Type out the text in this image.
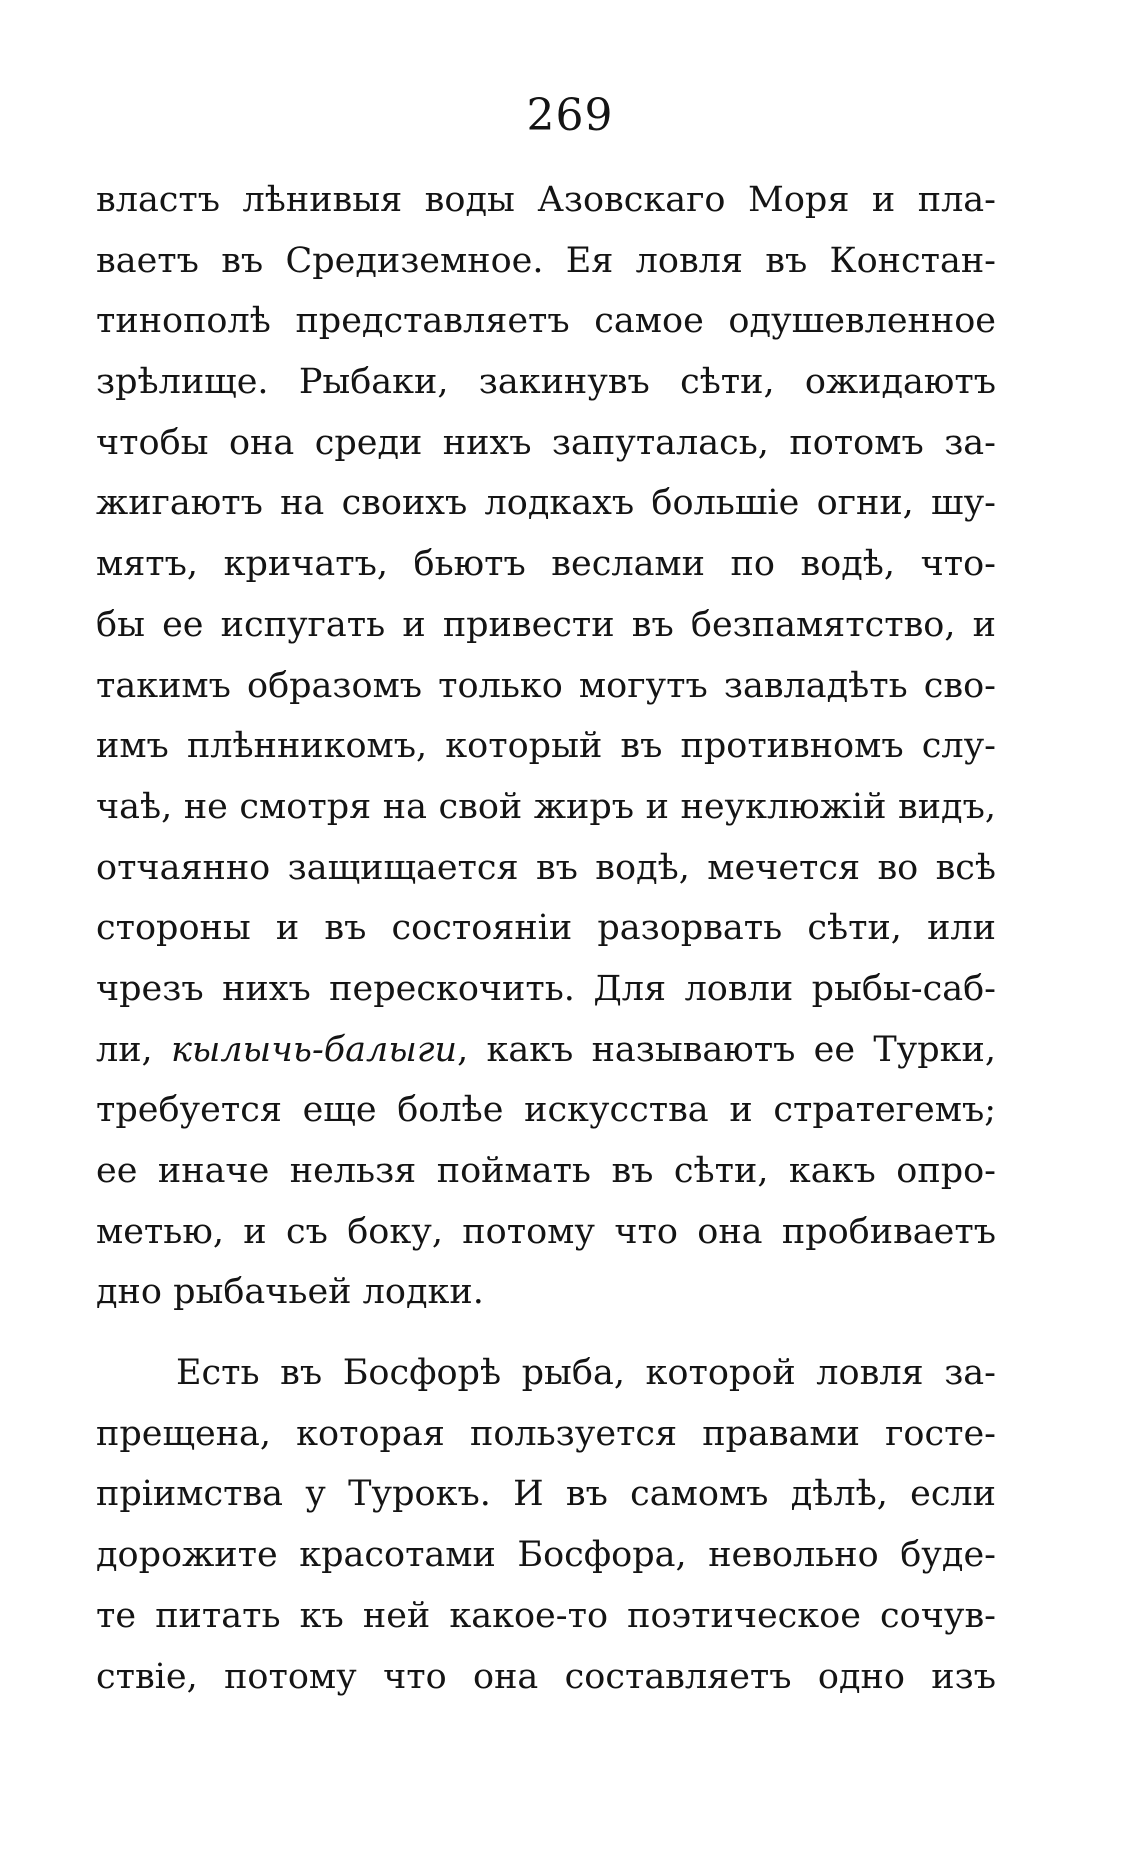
269
властъ лѣнивыя воды Азовскаго Моря и пла-
ваетъ въ Средиземное. Ея ловля въ Констан-
тинополѣ представляетъ самое одушевленное
зрѣлище. Рыбаки, закинувъ сѣти, ожидаютъ
чтобы она среди нихъ запуталась, потомъ за-
жигаютъ на своихъ лодкахъ большiе огни, шу-
мятъ, кричатъ, бьютъ веслами по водѣ, что-
бы ее испугать и привести въ безпамятство, и
такимъ образомъ только могутъ завладѣть сво-
имъ плѣнникомъ, который въ противномъ слу-
чаѣ, не смотря на свой жиръ и неуклюжiй видъ,
отчаянно защищается въ водѣ, мечется во всѣ
стороны и въ состоянiи разорвать сѣти, или
чрезъ нихъ перескочить. Для ловли рыбы-саб-
ли, кылычь-балыги, какъ называютъ ее Турки,
требуется еще болѣе искусства и стратегемъ;
ее иначе нельзя поймать въ сѣти, какъ опро-
метью, и съ боку, потому что она пробиваетъ
дно рыбачьей лодки.
Есть въ Босфорѣ рыба, которой ловля за-
прещена, которая пользуется правами госте-
прiимства у Турокъ. И въ самомъ дѣлѣ, если
дорожите красотами Босфора, невольно буде-
те питать къ ней какое-то поэтическое сочув-
ствiе, потому что она составляетъ одно изъ
